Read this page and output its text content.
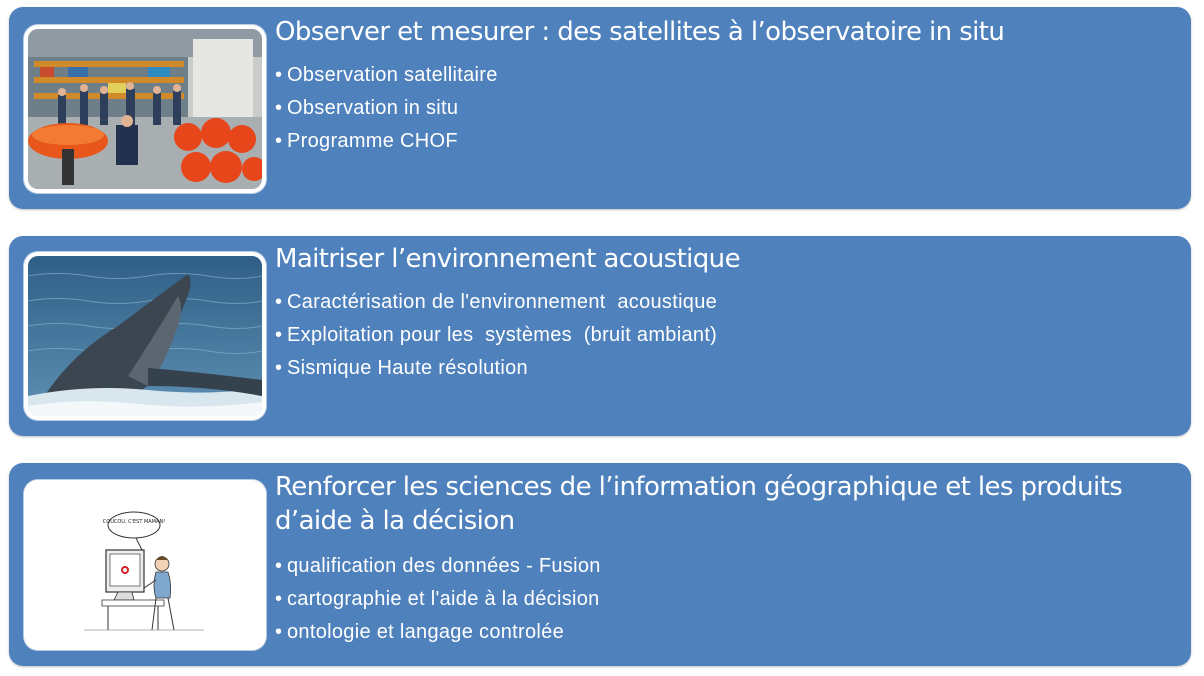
Observer et mesurer : des satellites à l’observatoire in situ
• Observation satellitaire
• Observation in situ
• Programme CHOF
Maitriser l’environnement acoustique
• Caractérisation de l'environnement  acoustique
• Exploitation pour les  systèmes  (bruit ambiant)
• Sismique Haute résolution
COUCOU, C'EST MAMAN!
Renforcer les sciences de l’information géographique et les produits d’aide à la décision
• qualification des données - Fusion
• cartographie et l'aide à la décision
• ontologie et langage controlée
